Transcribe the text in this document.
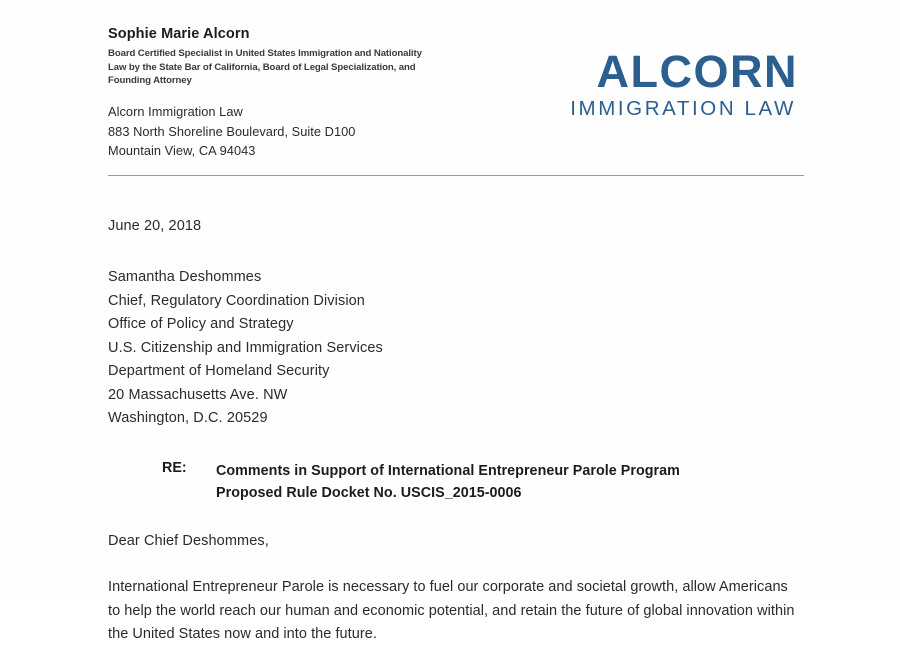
Sophie Marie Alcorn
Board Certified Specialist in United States Immigration and Nationality Law by the State Bar of California, Board of Legal Specialization, and Founding Attorney
Alcorn Immigration Law
883 North Shoreline Boulevard, Suite D100
Mountain View, CA 94043
ALCORN
IMMIGRATION LAW
June 20, 2018
Samantha Deshommes
Chief, Regulatory Coordination Division
Office of Policy and Strategy
U.S. Citizenship and Immigration Services
Department of Homeland Security
20 Massachusetts Ave. NW
Washington, D.C. 20529
RE:	Comments in Support of International Entrepreneur Parole Program
Proposed Rule Docket No. USCIS_2015-0006
Dear Chief Deshommes,
International Entrepreneur Parole is necessary to fuel our corporate and societal growth, allow Americans to help the world reach our human and economic potential, and retain the future of global innovation within the United States now and into the future.
